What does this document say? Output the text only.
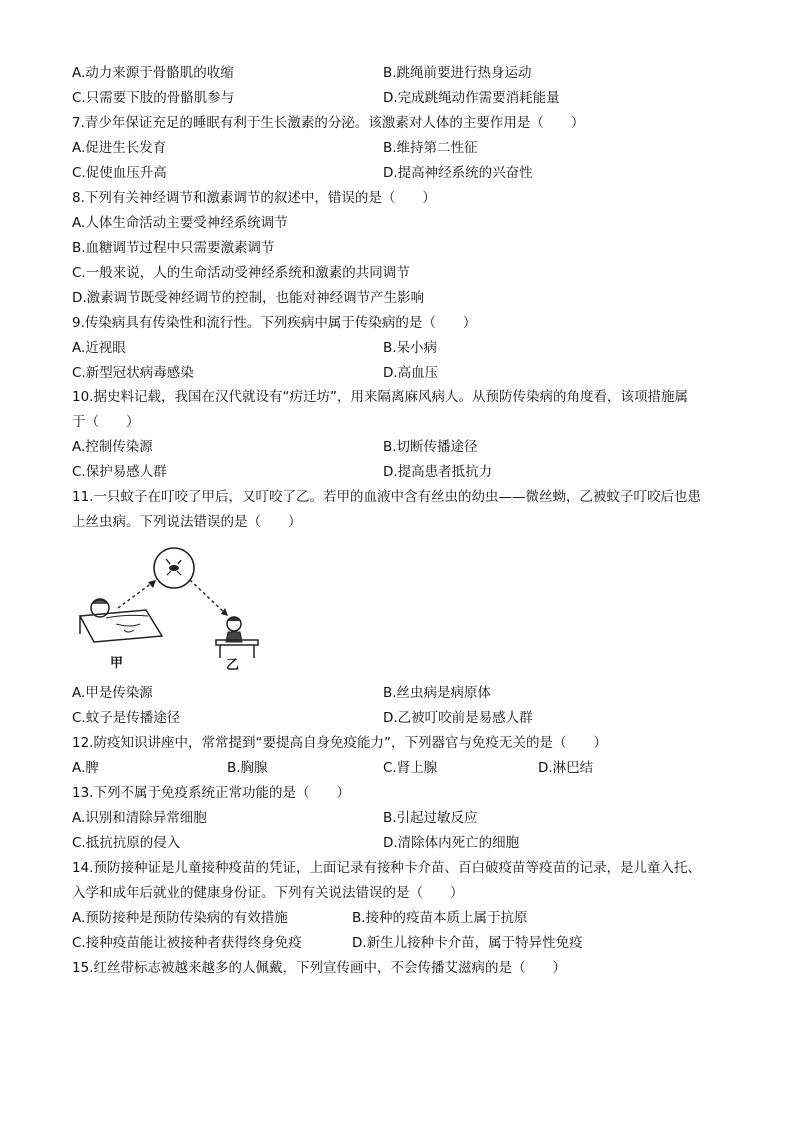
A.动力来源于骨骼肌的收缩	B.跳绳前要进行热身运动
C.只需要下肢的骨骼肌参与	D.完成跳绳动作需要消耗能量
7.青少年保证充足的睡眠有利于生长激素的分泌。该激素对人体的主要作用是（　　）
A.促进生长发育	B.维持第二性征
C.促使血压升高	D.提高神经系统的兴奋性
8.下列有关神经调节和激素调节的叙述中，错误的是（　　）
A.人体生命活动主要受神经系统调节
B.血糖调节过程中只需要激素调节
C.一般来说，人的生命活动受神经系统和激素的共同调节
D.激素调节既受神经调节的控制，也能对神经调节产生影响
9.传染病具有传染性和流行性。下列疾病中属于传染病的是（　　）
A.近视眼	B.呆小病
C.新型冠状病毒感染	D.高血压
10.据史料记载，我国在汉代就设有“疠迁坊”，用来隔离麻风病人。从预防传染病的角度看，该项措施属
于（　　）
A.控制传染源	B.切断传播途径
C.保护易感人群	D.提高患者抵抗力
11.一只蚊子在叮咬了甲后，又叮咬了乙。若甲的血液中含有丝虫的幼虫——微丝蚴，乙被蚊子叮咬后也患
上丝虫病。下列说法错误的是（　　）
甲	乙
A.甲是传染源	B.丝虫病是病原体
C.蚊子是传播途径	D.乙被叮咬前是易感人群
12.防疫知识讲座中，常常提到“要提高自身免疫能力”，下列器官与免疫无关的是（　　）
A.脾	B.胸腺	C.肾上腺	D.淋巴结
13.下列不属于免疫系统正常功能的是（　　）
A.识别和清除异常细胞	B.引起过敏反应
C.抵抗抗原的侵入	D.清除体内死亡的细胞
14.预防接种证是儿童接种疫苗的凭证，上面记录有接种卡介苗、百白破疫苗等疫苗的记录，是儿童入托、
入学和成年后就业的健康身份证。下列有关说法错误的是（　　）
A.预防接种是预防传染病的有效措施	B.接种的疫苗本质上属于抗原
C.接种疫苗能让被接种者获得终身免疫	D.新生儿接种卡介苗，属于特异性免疫
15.红丝带标志被越来越多的人佩戴，下列宣传画中，不会传播艾滋病的是（　　）
